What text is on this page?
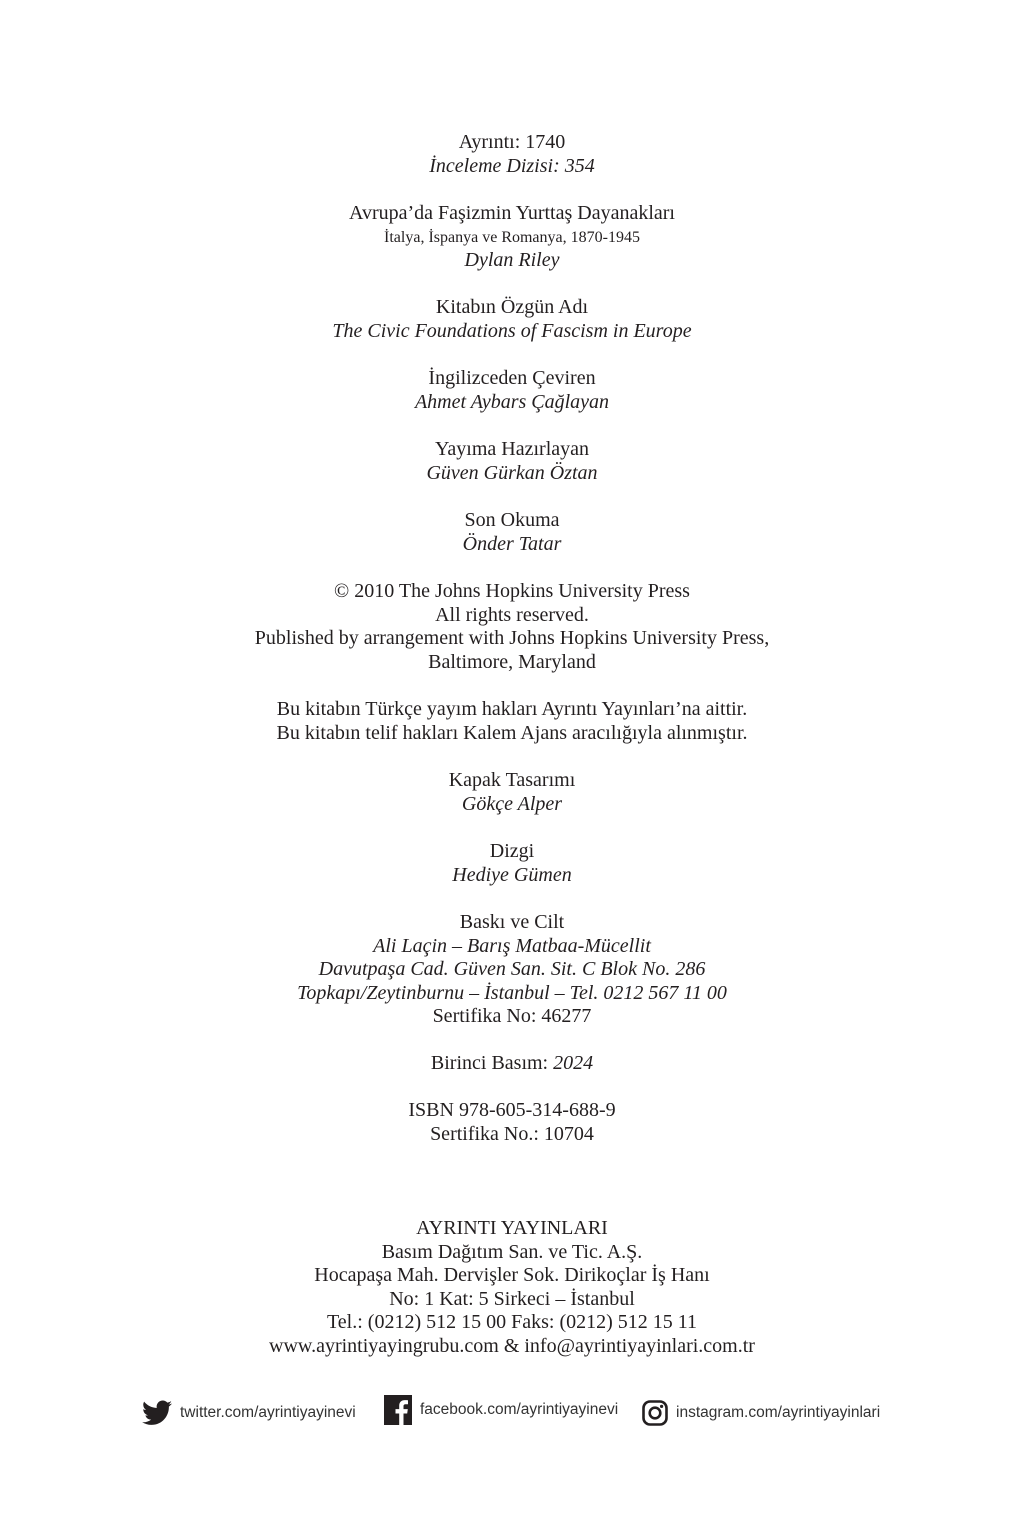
Ayrıntı: 1740
İnceleme Dizisi: 354
Avrupa’da Faşizmin Yurttaş Dayanakları
İtalya, İspanya ve Romanya, 1870-1945
Dylan Riley
Kitabın Özgün Adı
The Civic Foundations of Fascism in Europe
İngilizceden Çeviren
Ahmet Aybars Çağlayan
Yayıma Hazırlayan
Güven Gürkan Öztan
Son Okuma
Önder Tatar
© 2010 The Johns Hopkins University Press
All rights reserved.
Published by arrangement with Johns Hopkins University Press,
Baltimore, Maryland
Bu kitabın Türkçe yayım hakları Ayrıntı Yayınları’na aittir.
Bu kitabın telif hakları Kalem Ajans aracılığıyla alınmıştır.
Kapak Tasarımı
Gökçe Alper
Dizgi
Hediye Gümen
Baskı ve Cilt
Ali Laçin – Barış Matbaa-Mücellit
Davutpaşa Cad. Güven San. Sit. C Blok No. 286
Topkapı/Zeytinburnu – İstanbul – Tel. 0212 567 11 00
Sertifika No: 46277
Birinci Basım: 2024
ISBN 978-605-314-688-9
Sertifika No.: 10704
AYRINTI YAYINLARI
Basım Dağıtım San. ve Tic. A.Ş.
Hocapaşa Mah. Dervişler Sok. Dirikoçlar İş Hanı
No: 1 Kat: 5 Sirkeci – İstanbul
Tel.: (0212) 512 15 00 Faks: (0212) 512 15 11
www.ayrintiyayingrubu.com & info@ayrintiyayinlari.com.tr
twitter.com/ayrintiyayinevi	facebook.com/ayrintiyayinevi	instagram.com/ayrintiyayinlari
